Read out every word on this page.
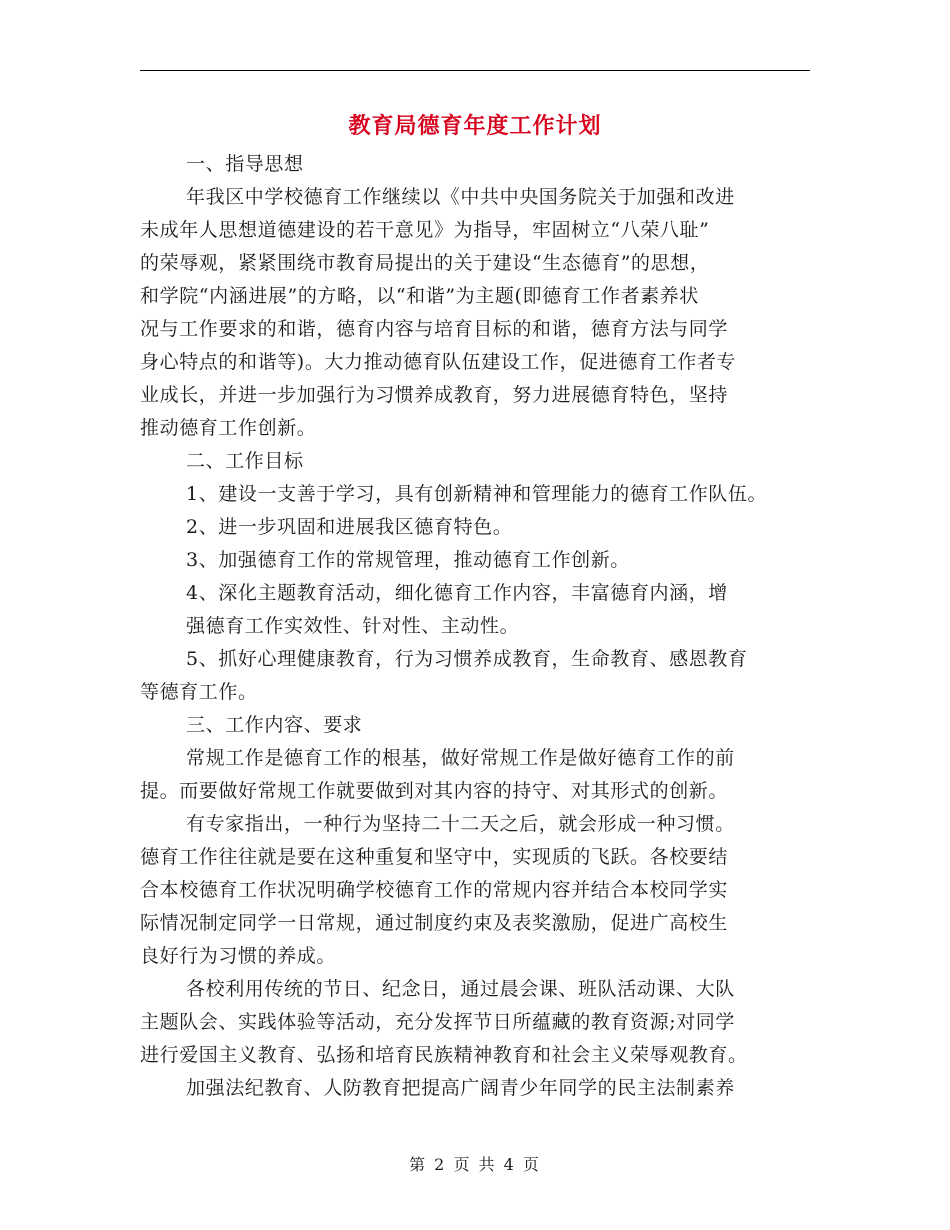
教育局德育年度工作计划
一、指导思想
年我区中学校德育工作继续以《中共中央国务院关于加强和改进
未成年人思想道德建设的若干意见》为指导，牢固树立“八荣八耻”
的荣辱观，紧紧围绕市教育局提出的关于建设“生态德育”的思想，
和学院“内涵进展”的方略，以“和谐”为主题(即德育工作者素养状
况与工作要求的和谐，德育内容与培育目标的和谐，德育方法与同学
身心特点的和谐等)。大力推动德育队伍建设工作，促进德育工作者专
业成长，并进一步加强行为习惯养成教育，努力进展德育特色，坚持
推动德育工作创新。
二、工作目标
1、建设一支善于学习，具有创新精神和管理能力的德育工作队伍。
2、进一步巩固和进展我区德育特色。
3、加强德育工作的常规管理，推动德育工作创新。
4、深化主题教育活动，细化德育工作内容，丰富德育内涵，增
强德育工作实效性、针对性、主动性。
5、抓好心理健康教育，行为习惯养成教育，生命教育、感恩教育
等德育工作。
三、工作内容、要求
常规工作是德育工作的根基，做好常规工作是做好德育工作的前
提。而要做好常规工作就要做到对其内容的持守、对其形式的创新。
有专家指出，一种行为坚持二十二天之后，就会形成一种习惯。
德育工作往往就是要在这种重复和坚守中，实现质的飞跃。各校要结
合本校德育工作状况明确学校德育工作的常规内容并结合本校同学实
际情况制定同学一日常规，通过制度约束及表奖激励，促进广高校生
良好行为习惯的养成。
各校利用传统的节日、纪念日，通过晨会课、班队活动课、大队
主题队会、实践体验等活动，充分发挥节日所蕴藏的教育资源;对同学
进行爱国主义教育、弘扬和培育民族精神教育和社会主义荣辱观教育。
加强法纪教育、人防教育把提高广阔青少年同学的民主法制素养
第 2 页 共 4 页
